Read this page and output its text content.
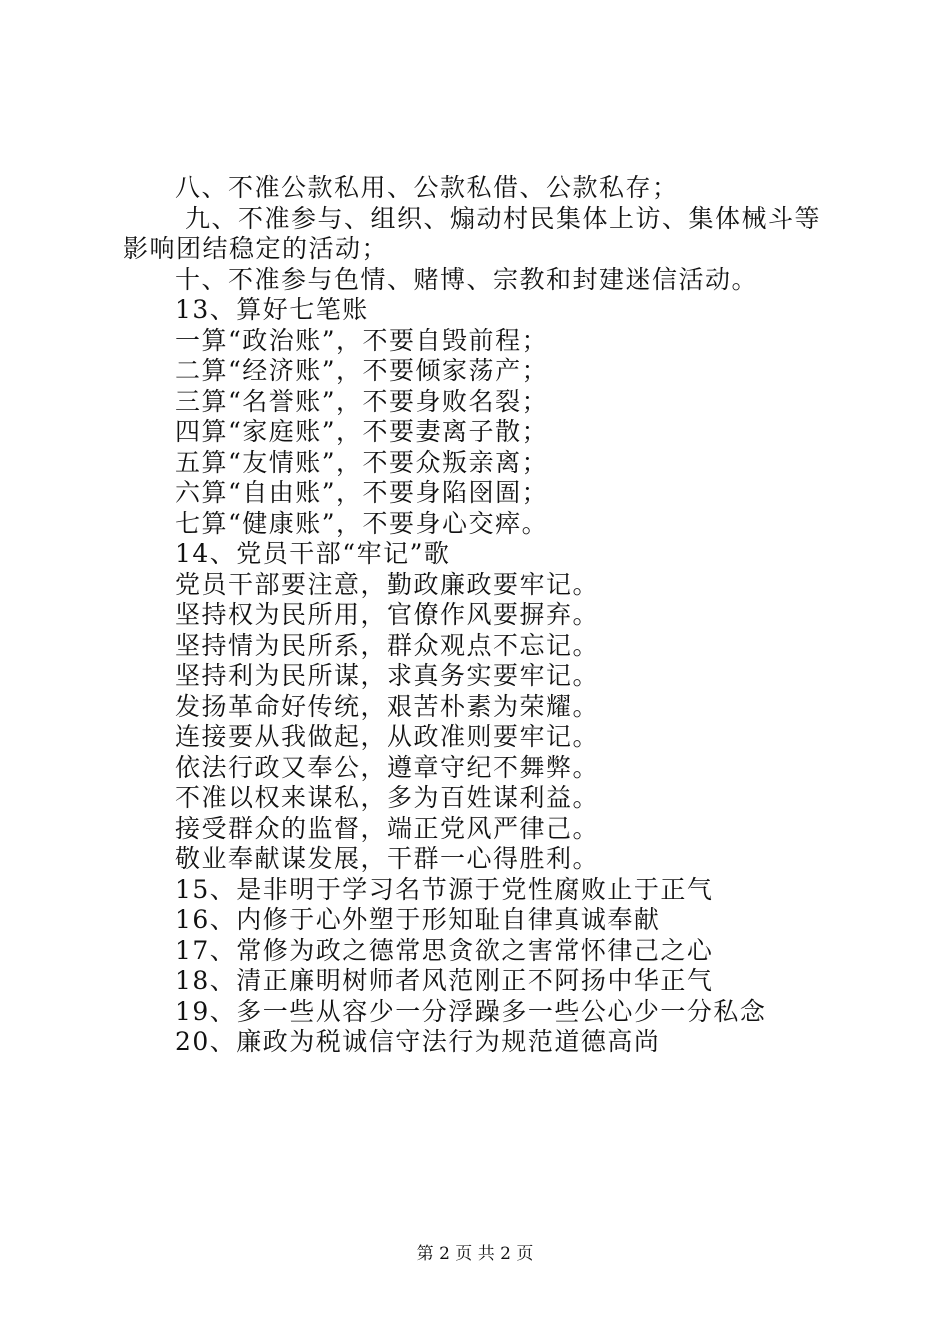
八、不准公款私用、公款私借、公款私存；
九、不准参与、组织、煽动村民集体上访、集体械斗等影响团结稳定的活动；
十、不准参与色情、赌博、宗教和封建迷信活动。
13、算好七笔账
一算“政治账”，不要自毁前程；
二算“经济账”，不要倾家荡产；
三算“名誉账”，不要身败名裂；
四算“家庭账”，不要妻离子散；
五算“友情账”，不要众叛亲离；
六算“自由账”，不要身陷囹圄；
七算“健康账”，不要身心交瘁。
14、党员干部“牢记”歌
党员干部要注意，勤政廉政要牢记。
坚持权为民所用，官僚作风要摒弃。
坚持情为民所系，群众观点不忘记。
坚持利为民所谋，求真务实要牢记。
发扬革命好传统，艰苦朴素为荣耀。
连接要从我做起，从政准则要牢记。
依法行政又奉公，遵章守纪不舞弊。
不准以权来谋私，多为百姓谋利益。
接受群众的监督，端正党风严律己。
敬业奉献谋发展，干群一心得胜利。
15、是非明于学习名节源于党性腐败止于正气
16、内修于心外塑于形知耻自律真诚奉献
17、常修为政之德常思贪欲之害常怀律己之心
18、清正廉明树师者风范刚正不阿扬中华正气
19、多一些从容少一分浮躁多一些公心少一分私念
20、廉政为税诚信守法行为规范道德高尚
第 2 页 共 2 页
